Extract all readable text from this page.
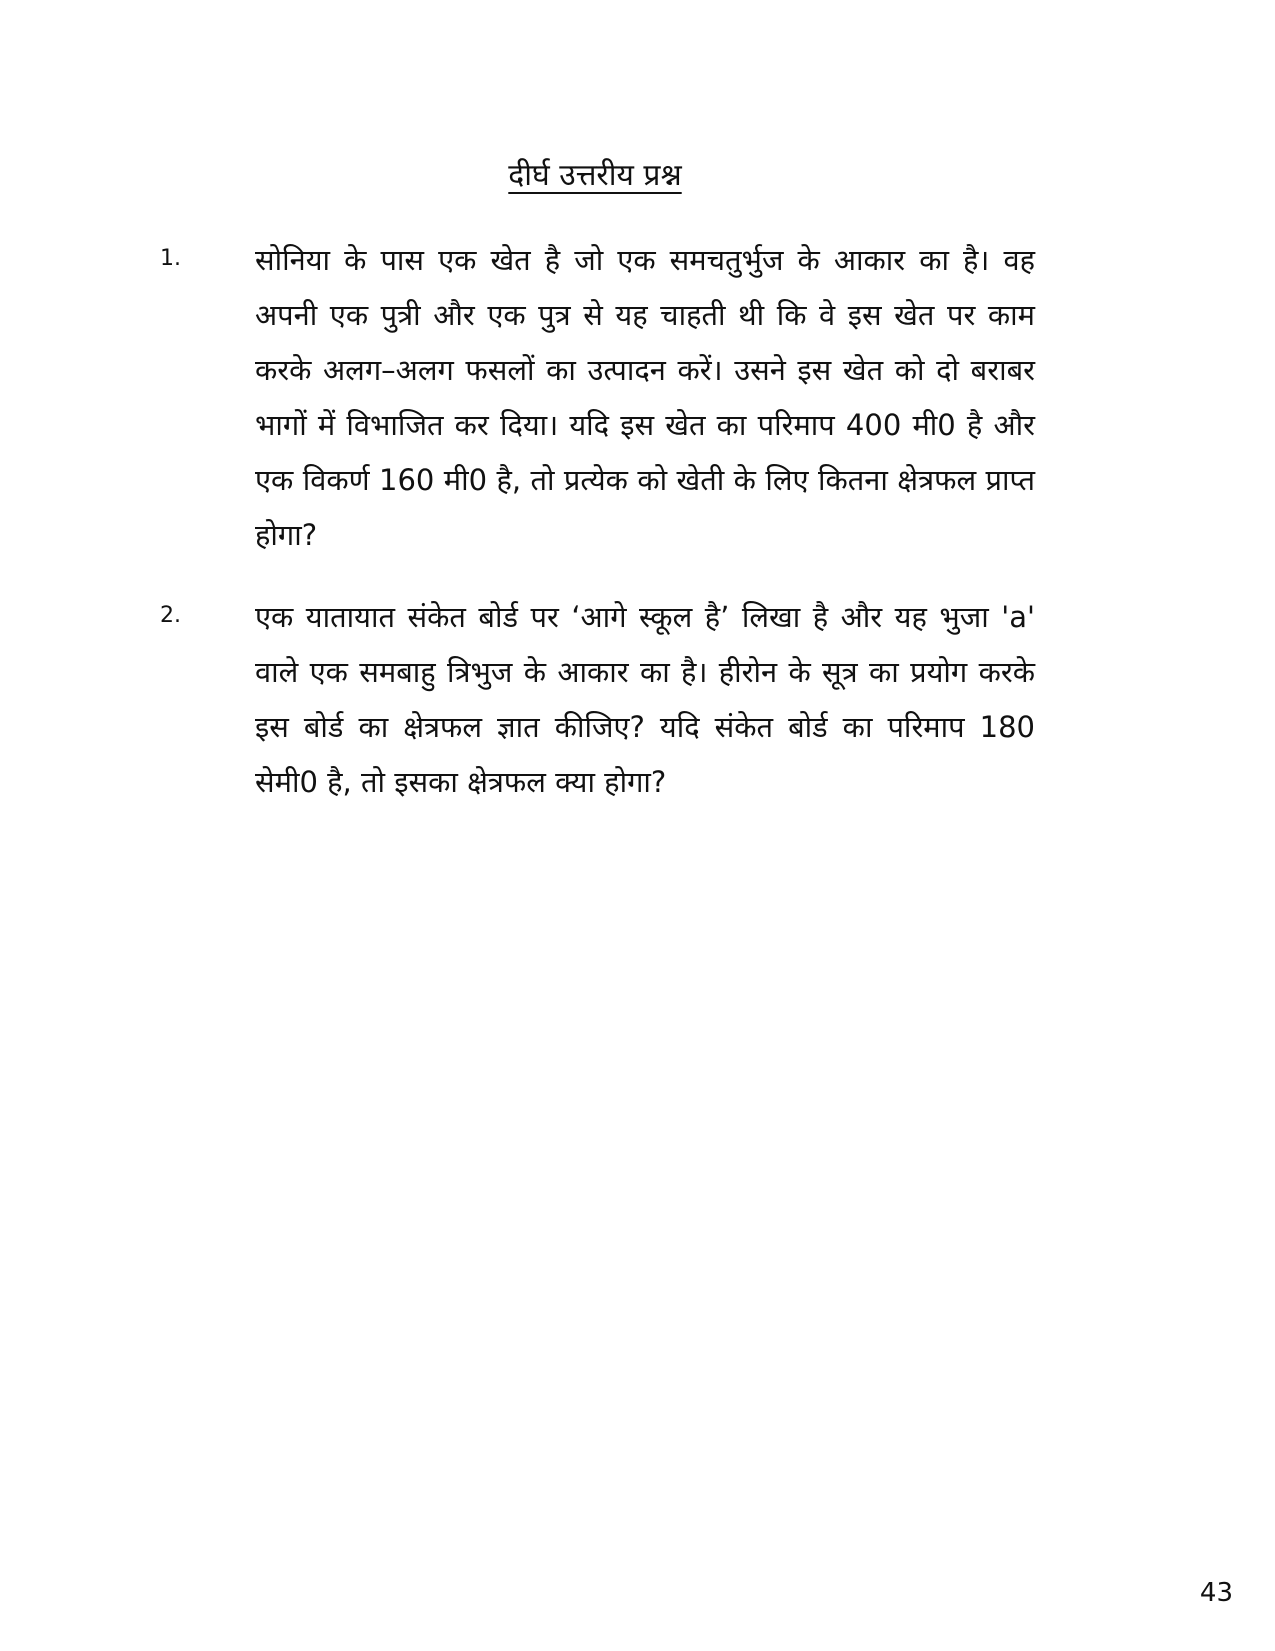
दीर्घ उत्तरीय प्रश्न
1.	सोनिया के पास एक खेत है जो एक समचतुर्भुज के आकार का है। वह अपनी एक पुत्री और एक पुत्र से यह चाहती थी कि वे इस खेत पर काम करके अलग–अलग फसलों का उत्पादन करें। उसने इस खेत को दो बराबर भागों में विभाजित कर दिया। यदि इस खेत का परिमाप 400 मी0 है और एक विकर्ण 160 मी0 है, तो प्रत्येक को खेती के लिए कितना क्षेत्रफल प्राप्त होगा?

2.	एक यातायात संकेत बोर्ड पर ‘आगे स्कूल है’ लिखा है और यह भुजा 'a' वाले एक समबाहु त्रिभुज के आकार का है। हीरोन के सूत्र का प्रयोग करके इस बोर्ड का क्षेत्रफल ज्ञात कीजिए? यदि संकेत बोर्ड का परिमाप 180 सेमी0 है, तो इसका क्षेत्रफल क्या होगा?

43
